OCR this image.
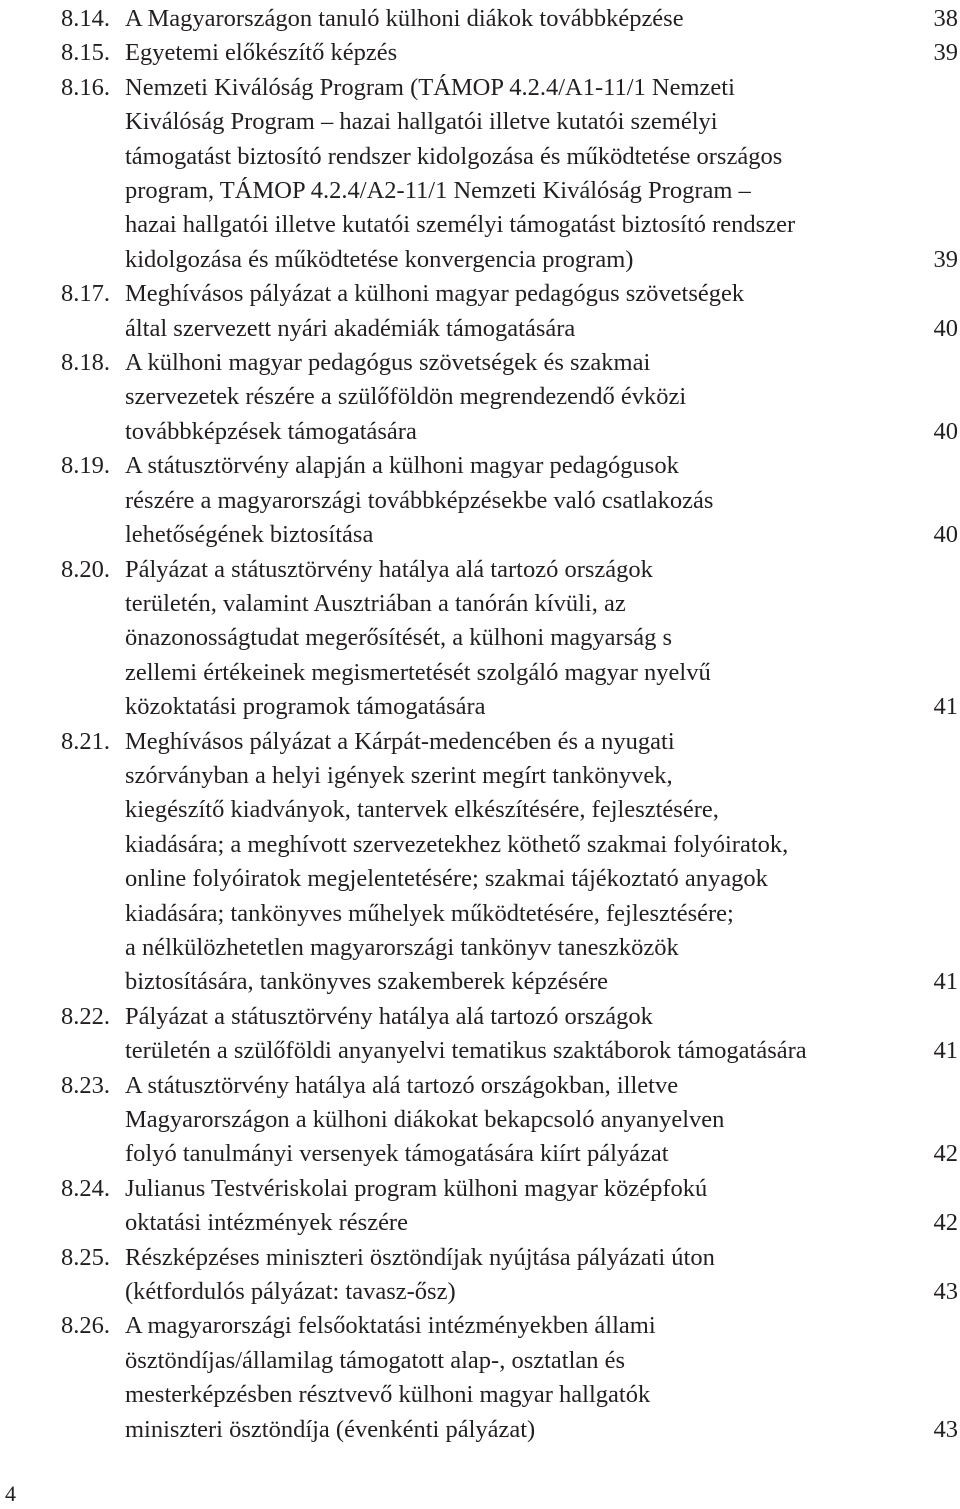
8.14. A Magyarországon tanuló külhoni diákok továbbképzése	38
8.15. Egyetemi előkészítő képzés	39
8.16. Nemzeti Kiválóság Program (TÁMOP 4.2.4/A1-11/1 Nemzeti
Kiválóság Program – hazai hallgatói illetve kutatói személyi
támogatást biztosító rendszer kidolgozása és működtetése országos
program, TÁMOP 4.2.4/A2-11/1 Nemzeti Kiválóság Program –
hazai hallgatói illetve kutatói személyi támogatást biztosító rendszer
kidolgozása és működtetése konvergencia program)	39
8.17. Meghívásos pályázat a külhoni magyar pedagógus szövetségek
által szervezett nyári akadémiák támogatására	40
8.18. A külhoni magyar pedagógus szövetségek és szakmai
szervezetek részére a szülőföldön megrendezendő évközi
továbbképzések támogatására	40
8.19. A státusztörvény alapján a külhoni magyar pedagógusok
részére a magyarországi továbbképzésekbe való csatlakozás
lehetőségének biztosítása	40
8.20. Pályázat a státusztörvény hatálya alá tartozó országok
területén, valamint Ausztriában a tanórán kívüli, az
önazonosságtudat megerősítését, a külhoni magyarság s
zellemi értékeinek megismertetését szolgáló magyar nyelvű
közoktatási programok támogatására	41
8.21. Meghívásos pályázat a Kárpát-medencében és a nyugati
szórványban a helyi igények szerint megírt tankönyvek,
kiegészítő kiadványok, tantervek elkészítésére, fejlesztésére,
kiadására; a meghívott szervezetekhez köthető szakmai folyóiratok,
online folyóiratok megjelentetésére; szakmai tájékoztató anyagok
kiadására; tankönyves műhelyek működtetésére, fejlesztésére;
a nélkülözhetetlen magyarországi tankönyv taneszközök
biztosítására, tankönyves szakemberek képzésére	41
8.22. Pályázat a státusztörvény hatálya alá tartozó országok
területén a szülőföldi anyanyelvi tematikus szaktáborok támogatására	41
8.23. A státusztörvény hatálya alá tartozó országokban, illetve
Magyarországon a külhoni diákokat bekapcsoló anyanyelven
folyó tanulmányi versenyek támogatására kiírt pályázat	42
8.24. Julianus Testvériskolai program külhoni magyar középfokú
oktatási intézmények részére	42
8.25. Részképzéses miniszteri ösztöndíjak nyújtása pályázati úton
(kétfordulós pályázat: tavasz-ősz)	43
8.26. A magyarországi felsőoktatási intézményekben állami
ösztöndíjas/államilag támogatott alap-, osztatlan és
mesterképzésben résztvevő külhoni magyar hallgatók
miniszteri ösztöndíja (évenkénti pályázat)	43
4
